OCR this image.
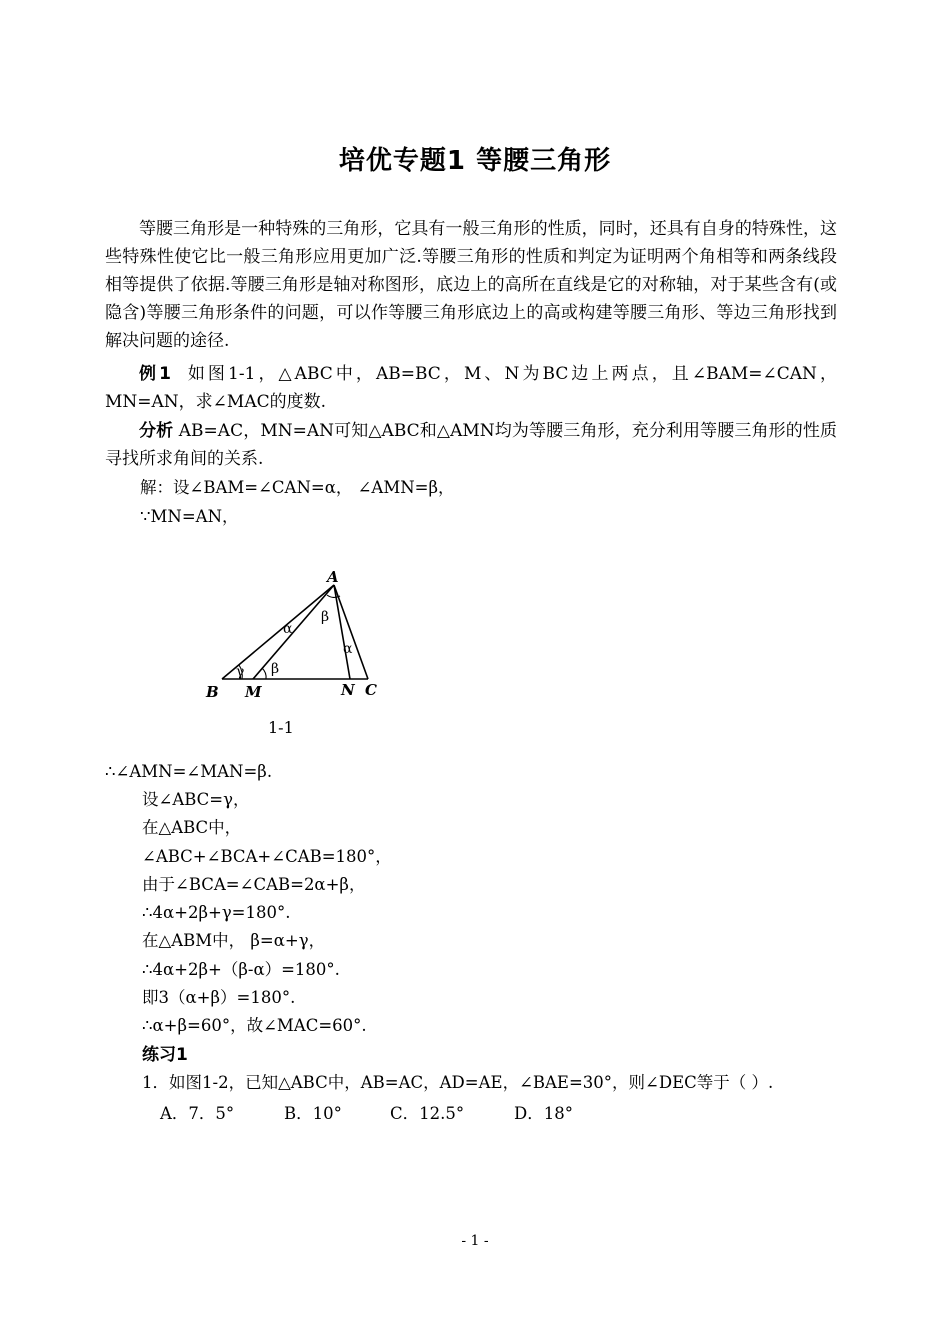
培优专题1 等腰三角形

等腰三角形是一种特殊的三角形，它具有一般三角形的性质，同时，还具有自身的特殊性，这些特殊性使它比一般三角形应用更加广泛.等腰三角形的性质和判定为证明两个角相等和两条线段相等提供了依据.等腰三角形是轴对称图形，底边上的高所在直线是它的对称轴，对于某些含有(或隐含)等腰三角形条件的问题，可以作等腰三角形底边上的高或构建等腰三角形、等边三角形找到解决问题的途径.

例1 如图1-1，△ABC中，AB=BC，M、N为BC边上两点，且∠BAM=∠CAN，MN=AN，求∠MAC的度数.

分析 AB=AC，MN=AN可知△ABC和△AMN均为等腰三角形，充分利用等腰三角形的性质寻找所求角间的关系.

解：设∠BAM=∠CAN=α， ∠AMN=β，
∵MN=AN，
A
B M	N C
α
β
α
γ β
1-1
∴∠AMN=∠MAN=β.
设∠ABC=γ，
在△ABC中，
∠ABC+∠BCA+∠CAB=180°，
由于∠BCA=∠CAB=2α+β，
∴4α+2β+γ=180°.
在△ABM中， β=α+γ，
∴4α+2β+（β-α）=180°.
即3（α+β）=180°.
∴α+β=60°，故∠MAC=60°.
练习1
1．如图1-2，已知△ABC中，AB=AC，AD=AE，∠BAE=30°，则∠DEC等于（ ）.
A．7．5°	B．10°	C．12.5°	D．18°
- 1 -
